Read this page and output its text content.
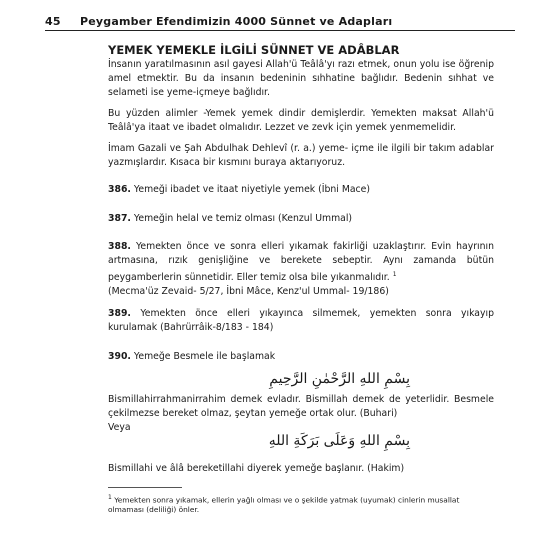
45 Peygamber Efendimizin 4000 Sünnet ve Adapları
YEMEK YEMEKLE İLGİLİ SÜNNET VE ADÂBLAR

İnsanın yaratılmasının asıl gayesi Allah'ü Teâlâ'yı razı etmek, onun yolu ise öğrenip amel etmektir. Bu da insanın bedeninin sıhhatine bağlıdır. Bedenin sıhhat ve selameti ise yeme-içmeye bağlıdır.

Bu yüzden alimler -Yemek yemek dindir demişlerdir. Yemekten maksat Allah'ü Teâlâ'ya itaat ve ibadet olmalıdır. Lezzet ve zevk için yemek yenmemelidir.

İmam Gazali ve Şah Abdulhak Dehlevî (r. a.) yeme- içme ile ilgili bir takım adablar yazmışlardır. Kısaca bir kısmını buraya aktarıyoruz.

386. Yemeği ibadet ve itaat niyetiyle yemek (İbni Mace)

387. Yemeğin helal ve temiz olması (Kenzul Ummal)

388. Yemekten önce ve sonra elleri yıkamak fakirliği uzaklaştırır. Evin hayrının artmasına, rızık genişliğine ve berekete sebeptir. Aynı zamanda bütün peygamberlerin sünnetidir. Eller temiz olsa bile yıkanmalıdır. $^1$
(Mecma'üz Zevaid- 5/27, İbni Mâce, Kenz'ul Ummal- 19/186)

389. Yemekten önce elleri yıkayınca silmemek, yemekten sonra yıkayıp kurulamak (Bahrürrâik-8/183 - 184)

390. Yemeğe Besmele ile başlamak

بِسْمِ اللهِ الرَّحْمٰنِ الرَّحِيمِ

Bismillahirrahmanirrahim demek evladır. Bismillah demek de yeterlidir. Besmele çekilmezse bereket olmaz, şeytan yemeğe ortak olur. (Buhari)

Veya

بِسْمِ اللهِ وَعَلَى بَرَكَةِ اللهِ

Bismillahi ve âlâ bereketillahi diyerek yemeğe başlanır. (Hakim)

$^1$ Yemekten sonra yıkamak, ellerin yağlı olması ve o şekilde yatmak (uyumak) cinlerin musallat olmaması (deliliği) önler.
